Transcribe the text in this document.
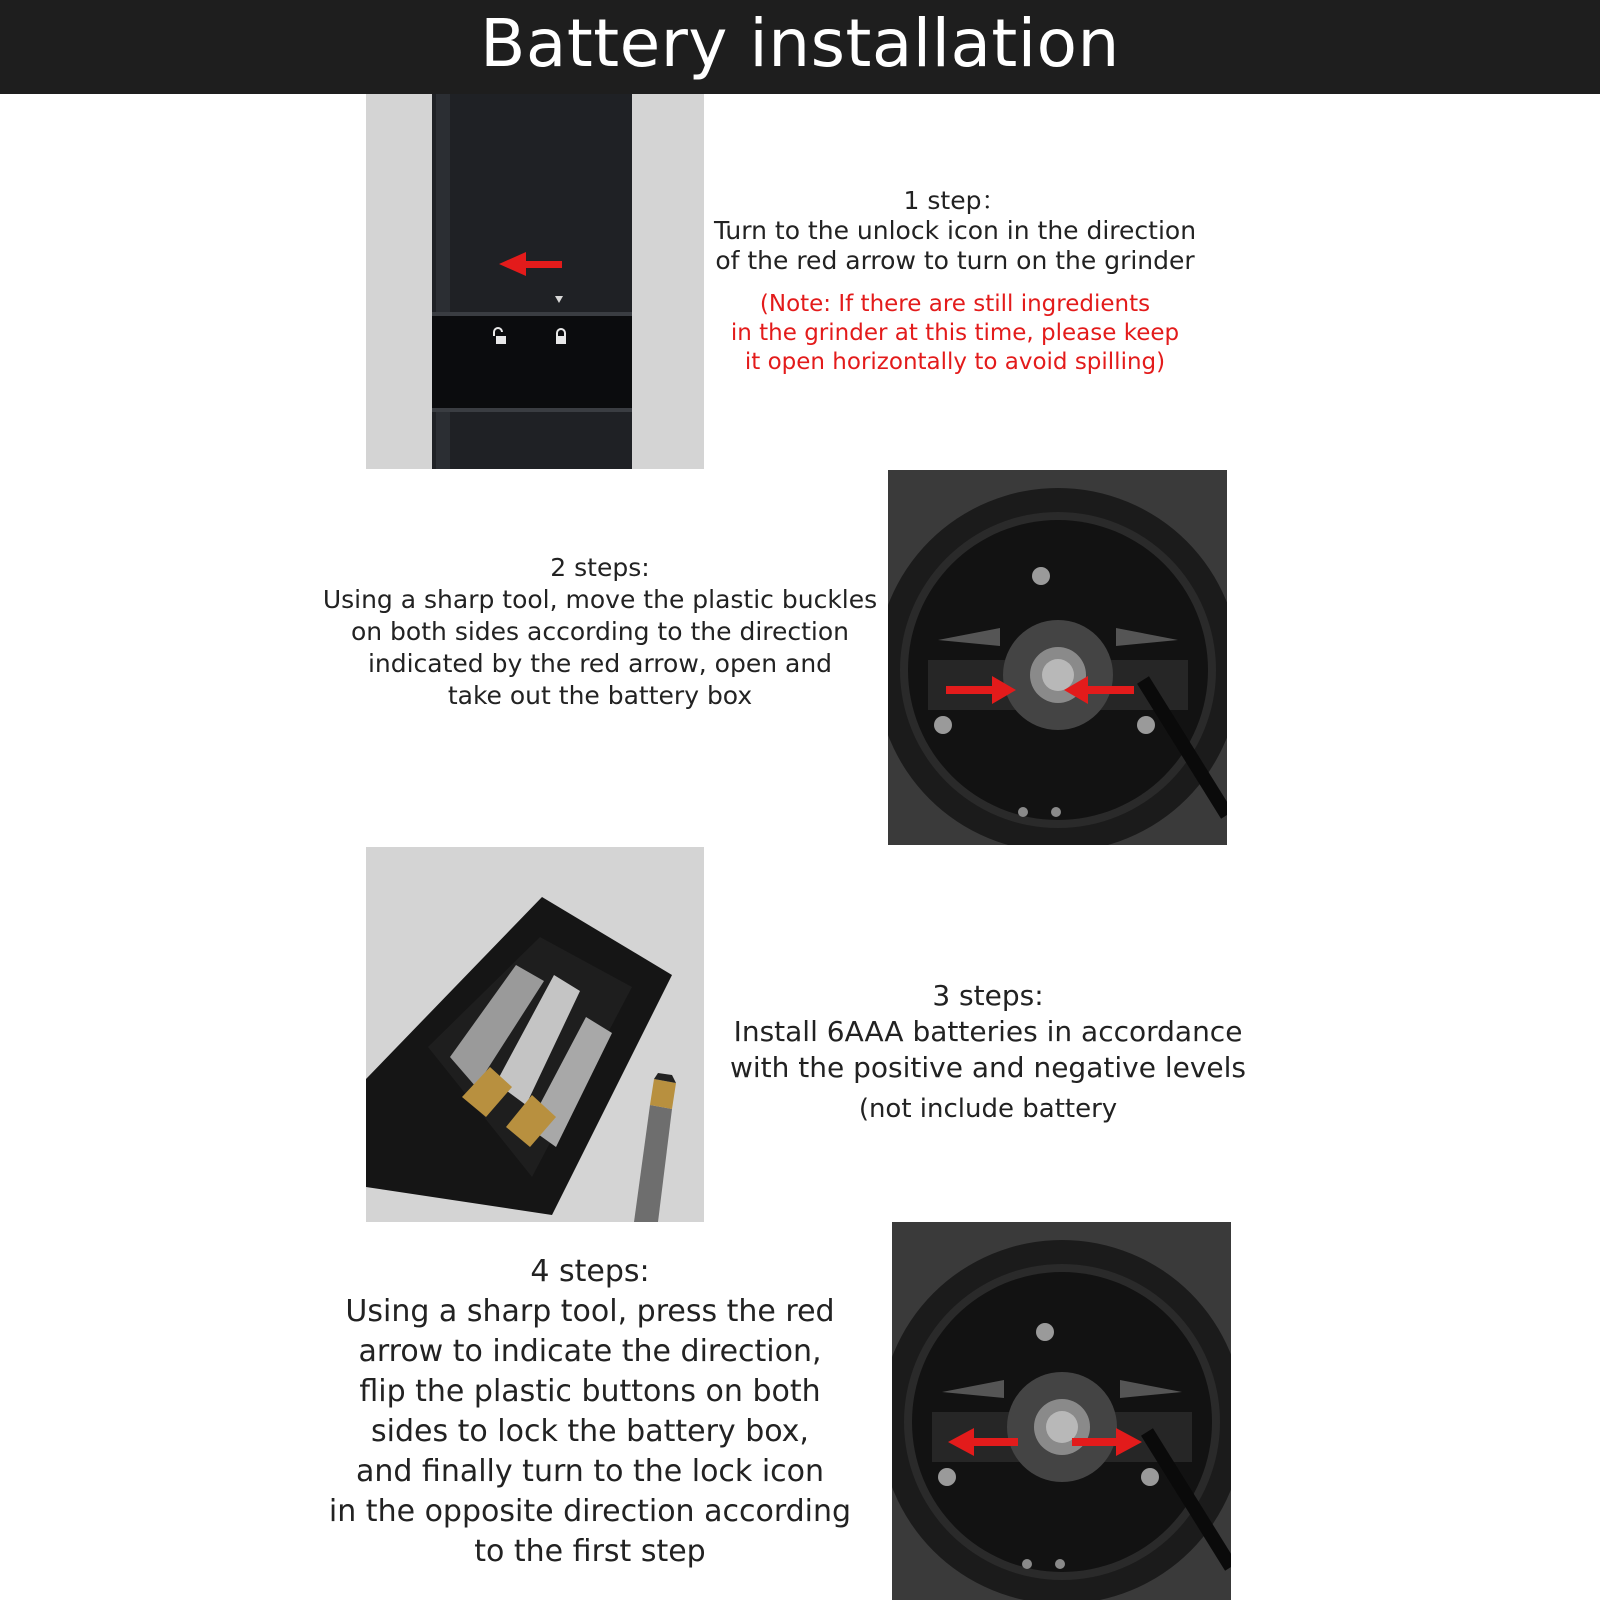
Battery installation
1 step：
Turn to the unlock icon in the direction
of the red arrow to turn on the grinder
(Note: If there are still ingredients
in the grinder at this time, please keep
it open horizontally to avoid spilling)
2 steps:
Using a sharp tool, move the plastic buckles
on both sides according to the direction
indicated by the red arrow, open and
take out the battery box
3 steps:
Install 6AAA batteries in accordance
with the positive and negative levels
(not include battery
4 steps:
Using a sharp tool, press the red
arrow to indicate the direction,
flip the plastic buttons on both
sides to lock the battery box,
and finally turn to the lock icon
in the opposite direction according
to the first step
